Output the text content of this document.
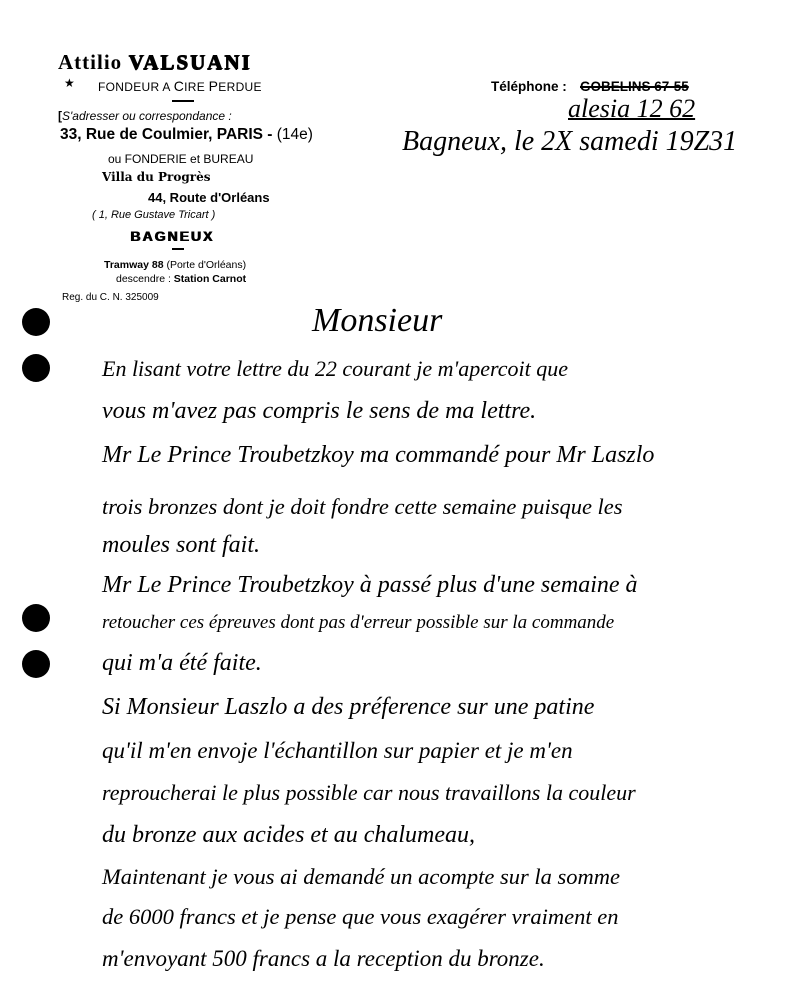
Attilio VALSUANI
★ FONDEUR A CIRE PERDUE
[S'adresser ou correspondance :
33, Rue de Coulmier, PARIS - (14e)
ou FONDERIE et BUREAU
Villa du Progrès
44, Route d'Orléans
( 1, Rue Gustave Tricart )
BAGNEUX
Tramway 88 (Porte d'Orléans)
descendre : Station Carnot
Reg. du C. N. 325009
Téléphone : GOBELINS 67-55
alesia 12 62
Bagneux, le 2X samedi 19Z31
Monsieur
En lisant votre lettre du 22 courant je m'apercoit que
vous m'avez pas compris le sens de ma lettre.
Mr Le Prince Troubetzkoy ma commandé pour Mr Laszlo
trois bronzes dont je doit fondre cette semaine puisque les
moules sont fait.
Mr Le Prince Troubetzkoy à passé plus d'une semaine à
retoucher ces épreuves dont pas d'erreur possible sur la commande
qui m'a été faite.
Si Monsieur Laszlo a des préference sur une patine
qu'il m'en envoje l'échantillon sur papier et je m'en
reproucherai le plus possible car nous travaillons la couleur
du bronze aux acides et au chalumeau,
Maintenant je vous ai demandé un acompte sur la somme
de 6000 francs et je pense que vous exagérer vraiment en
m'envoyant 500 francs a la reception du bronze.
